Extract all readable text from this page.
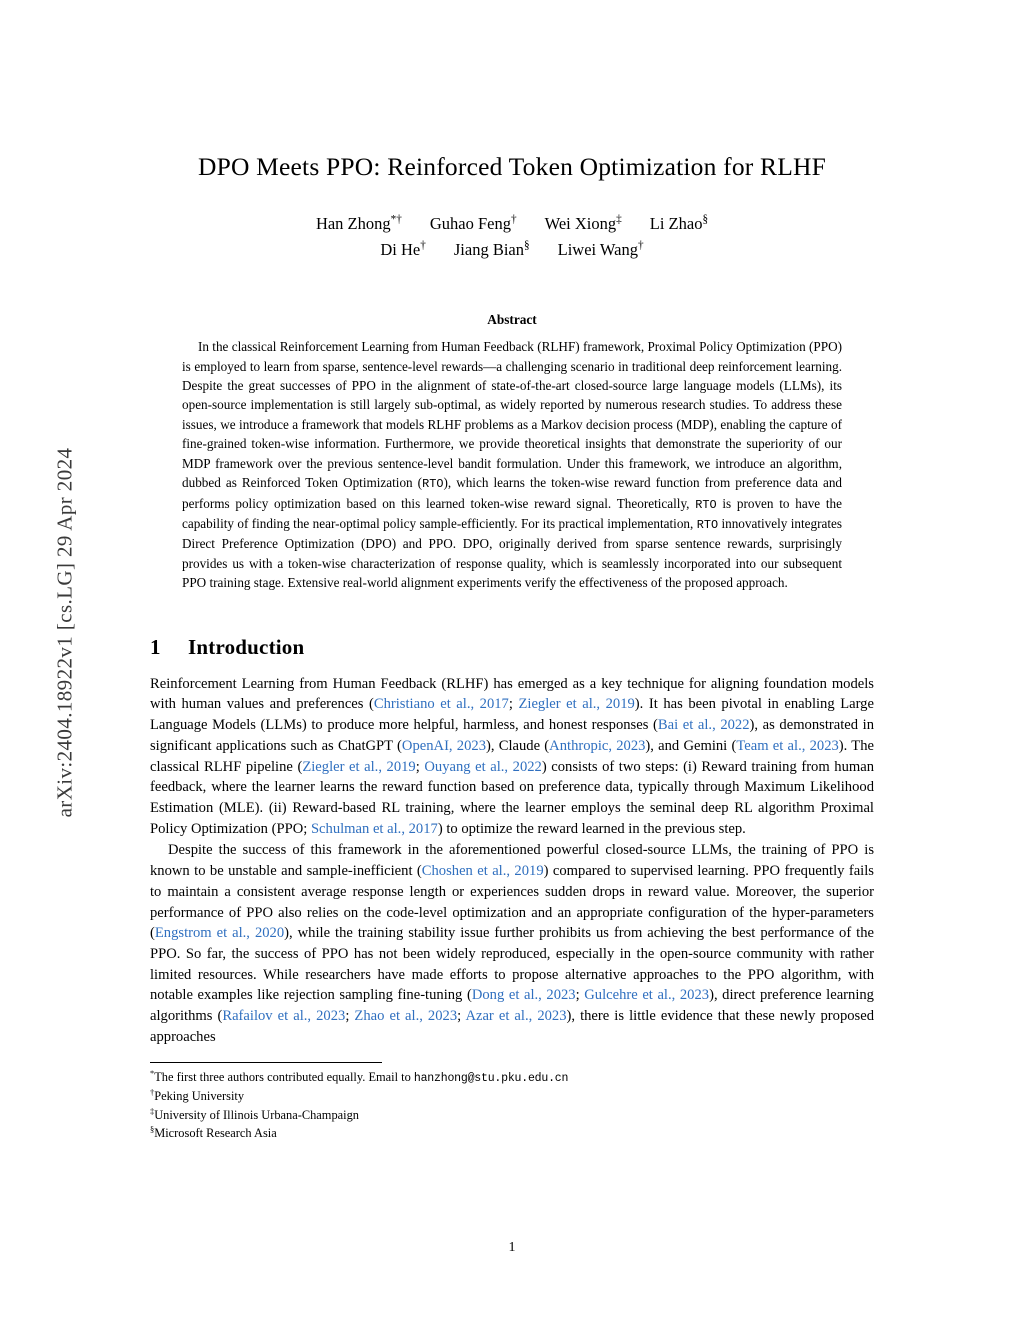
arXiv:2404.18922v1 [cs.LG] 29 Apr 2024
DPO Meets PPO: Reinforced Token Optimization for RLHF
Han Zhong*† Guhao Feng† Wei Xiong‡ Li Zhao§
Di He† Jiang Bian§ Liwei Wang†
Abstract
In the classical Reinforcement Learning from Human Feedback (RLHF) framework, Proximal Policy Optimization (PPO) is employed to learn from sparse, sentence-level rewards—a challenging scenario in traditional deep reinforcement learning. Despite the great successes of PPO in the alignment of state-of-the-art closed-source large language models (LLMs), its open-source implementation is still largely sub-optimal, as widely reported by numerous research studies. To address these issues, we introduce a framework that models RLHF problems as a Markov decision process (MDP), enabling the capture of fine-grained token-wise information. Furthermore, we provide theoretical insights that demonstrate the superiority of our MDP framework over the previous sentence-level bandit formulation. Under this framework, we introduce an algorithm, dubbed as Reinforced Token Optimization (RTO), which learns the token-wise reward function from preference data and performs policy optimization based on this learned token-wise reward signal. Theoretically, RTO is proven to have the capability of finding the near-optimal policy sample-efficiently. For its practical implementation, RTO innovatively integrates Direct Preference Optimization (DPO) and PPO. DPO, originally derived from sparse sentence rewards, surprisingly provides us with a token-wise characterization of response quality, which is seamlessly incorporated into our subsequent PPO training stage. Extensive real-world alignment experiments verify the effectiveness of the proposed approach.
1 Introduction

Reinforcement Learning from Human Feedback (RLHF) has emerged as a key technique for aligning foundation models with human values and preferences (Christiano et al., 2017; Ziegler et al., 2019). It has been pivotal in enabling Large Language Models (LLMs) to produce more helpful, harmless, and honest responses (Bai et al., 2022), as demonstrated in significant applications such as ChatGPT (OpenAI, 2023), Claude (Anthropic, 2023), and Gemini (Team et al., 2023). The classical RLHF pipeline (Ziegler et al., 2019; Ouyang et al., 2022) consists of two steps: (i) Reward training from human feedback, where the learner learns the reward function based on preference data, typically through Maximum Likelihood Estimation (MLE). (ii) Reward-based RL training, where the learner employs the seminal deep RL algorithm Proximal Policy Optimization (PPO; Schulman et al., 2017) to optimize the reward learned in the previous step.

Despite the success of this framework in the aforementioned powerful closed-source LLMs, the training of PPO is known to be unstable and sample-inefficient (Choshen et al., 2019) compared to supervised learning. PPO frequently fails to maintain a consistent average response length or experiences sudden drops in reward value. Moreover, the superior performance of PPO also relies on the code-level optimization and an appropriate configuration of the hyper-parameters (Engstrom et al., 2020), while the training stability issue further prohibits us from achieving the best performance of the PPO. So far, the success of PPO has not been widely reproduced, especially in the open-source community with rather limited resources. While researchers have made efforts to propose alternative approaches to the PPO algorithm, with notable examples like rejection sampling fine-tuning (Dong et al., 2023; Gulcehre et al., 2023), direct preference learning algorithms (Rafailov et al., 2023; Zhao et al., 2023; Azar et al., 2023), there is little evidence that these newly proposed approaches

*The first three authors contributed equally. Email to hanzhong@stu.pku.edu.cn
†Peking University
‡University of Illinois Urbana-Champaign
§Microsoft Research Asia
1
